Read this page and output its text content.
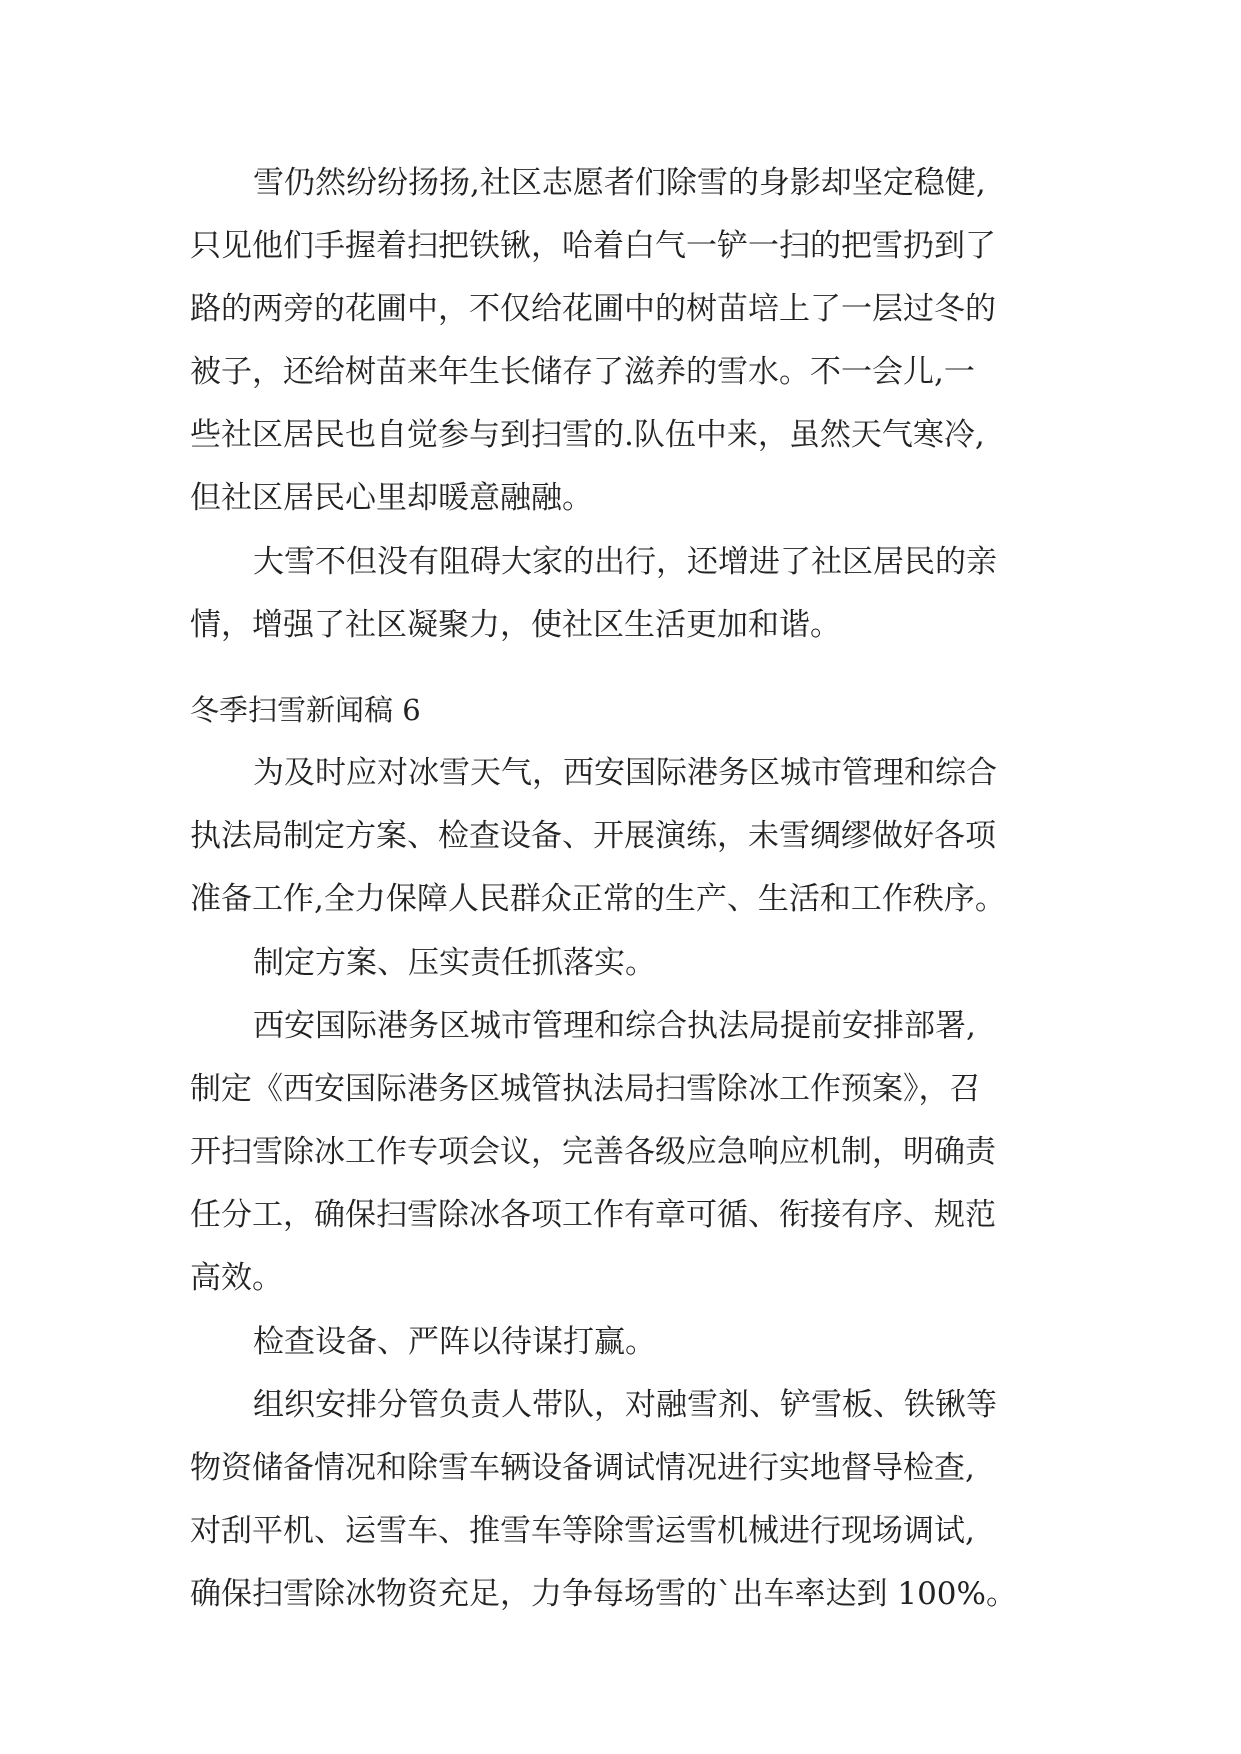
雪仍然纷纷扬扬,社区志愿者们除雪的身影却坚定稳健,
只见他们手握着扫把铁锹，哈着白气一铲一扫的把雪扔到了
路的两旁的花圃中，不仅给花圃中的树苗培上了一层过冬的
被子，还给树苗来年生长储存了滋养的雪水。不一会儿,一
些社区居民也自觉参与到扫雪的.队伍中来，虽然天气寒冷,
但社区居民心里却暖意融融。
大雪不但没有阻碍大家的出行，还增进了社区居民的亲
情，增强了社区凝聚力，使社区生活更加和谐。
冬季扫雪新闻稿 6
为及时应对冰雪天气，西安国际港务区城市管理和综合
执法局制定方案、检查设备、开展演练，未雪绸缪做好各项
准备工作,全力保障人民群众正常的生产、生活和工作秩序。
制定方案、压实责任抓落实。
西安国际港务区城市管理和综合执法局提前安排部署,
制定《西安国际港务区城管执法局扫雪除冰工作预案》，召
开扫雪除冰工作专项会议，完善各级应急响应机制，明确责
任分工，确保扫雪除冰各项工作有章可循、衔接有序、规范
高效。
检查设备、严阵以待谋打赢。
组织安排分管负责人带队，对融雪剂、铲雪板、铁锹等
物资储备情况和除雪车辆设备调试情况进行实地督导检查,
对刮平机、运雪车、推雪车等除雪运雪机械进行现场调试,
确保扫雪除冰物资充足，力争每场雪的`出车率达到 100%。
